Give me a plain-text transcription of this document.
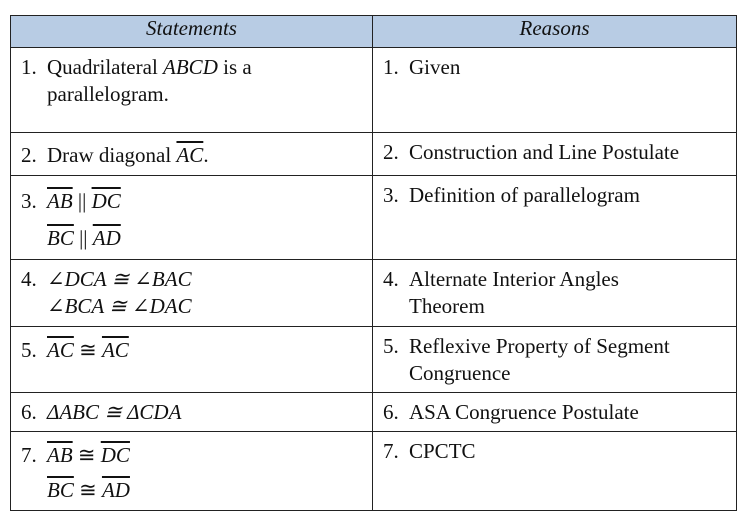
Statements	Reasons

1. Quadrilateral ABCD is a
parallelogram.	1. Given

2. Draw diagonal $\overline{AC}$.	2. Construction and Line Postulate

3. $\overline{AB}$ || $\overline{DC}$
$\overline{BC}$ || $\overline{AD}$	3. Definition of parallelogram

4. ∠DCA ≅ ∠BAC
∠BCA ≅ ∠DAC	4. Alternate Interior Angles
Theorem

5. $\overline{AC}$ ≅ $\overline{AC}$	5. Reflexive Property of Segment
Congruence

6. ΔABC ≅ ΔCDA	6. ASA Congruence Postulate

7. $\overline{AB}$ ≅ $\overline{DC}$
$\overline{BC}$ ≅ $\overline{AD}$	7. CPCTC
